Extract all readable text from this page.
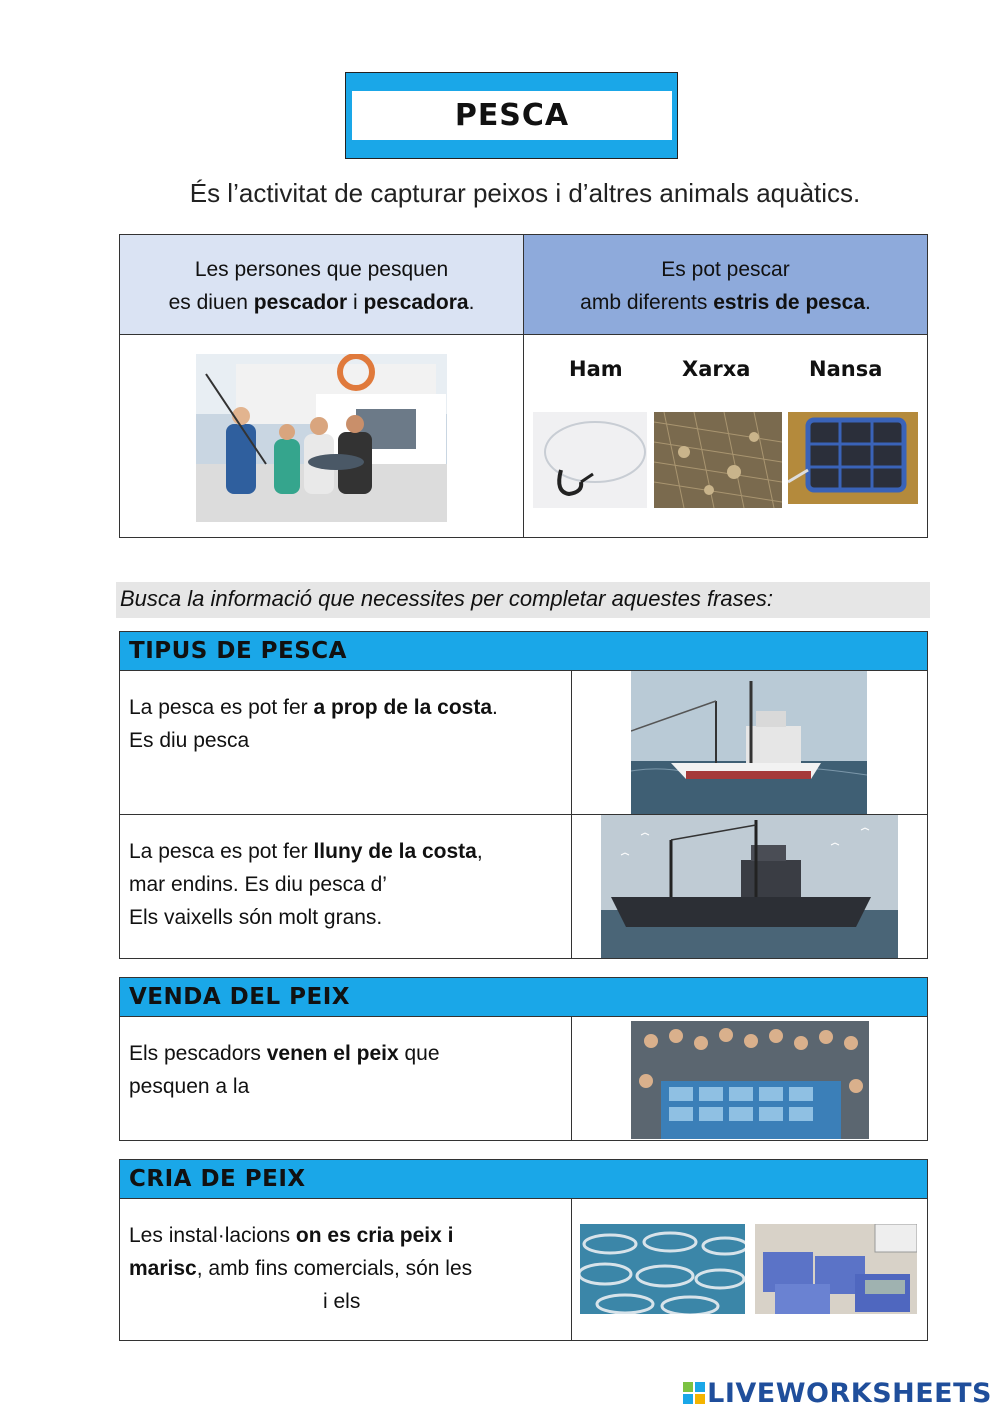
PESCA
És l’activitat de capturar peixos i d’altres animals aquàtics.
Les persones que pesquen
es diuen pescador i pescadora.
Es pot pescar
amb diferents estris de pesca.
Ham	Xarxa	Nansa
Busca la informació que necessites per completar aquestes frases:
TIPUS DE PESCA
La pesca es pot fer a prop de la costa.
Es diu pesca
La pesca es pot fer lluny de la costa,
mar endins. Es diu pesca d’
Els vaixells són molt grans.
VENDA DEL PEIX
Els pescadors venen el peix que
pesquen a la
CRIA DE PEIX
Les instal·lacions on es cria peix i
marisc, amb fins comercials, són les
i els
LIVEWORKSHEETS
